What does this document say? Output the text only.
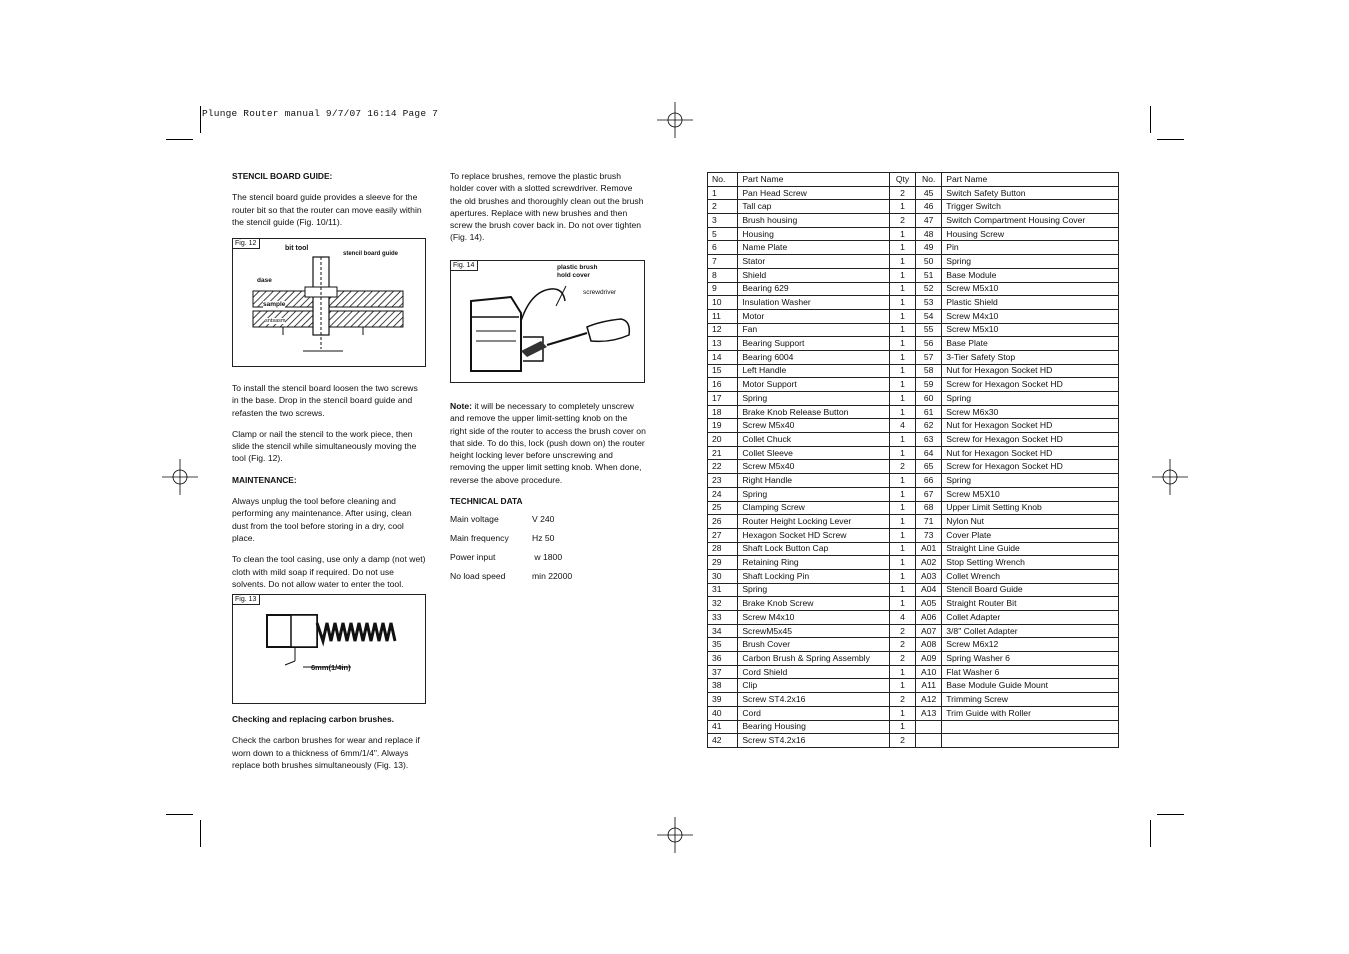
Plunge Router manual 9/7/07 16:14 Page 7
STENCIL BOARD GUIDE:

The stencil board guide provides a sleeve for the router bit so that the router can move easily within the stencil guide (Fig. 10/11).

Fig. 12
bit tool
stencil board guide
dase
sample
sntsasm

To install the stencil board loosen the two screws in the base. Drop in the stencil board guide and refasten the two screws.

Clamp or nail the stencil to the work piece, then slide the stencil while simultaneously moving the tool (Fig. 12).

MAINTENANCE:

Always unplug the tool before cleaning and performing any maintenance. After using, clean dust from the tool before storing in a dry, cool place.

To clean the tool casing, use only a damp (not wet) cloth with mild soap if required. Do not use solvents. Do not allow water to enter the tool.

Fig. 13
6mm(1/4in)
Checking and replacing carbon brushes.

Check the carbon brushes for wear and replace if worn down to a thickness of 6mm/1/4". Always replace both brushes simultaneously (Fig. 13).

To replace brushes, remove the plastic brush holder cover with a slotted screwdriver. Remove the old brushes and thoroughly clean out the brush apertures. Replace with new brushes and then screw the brush cover back in. Do not over tighten (Fig. 14).

Fig. 14	plastic brush
hold cover
screwdriver

Note: it will be necessary to completely unscrew and remove the upper limit-setting knob on the right side of the router to access the brush cover on that side. To do this, lock (push down on) the router height locking lever before unscrewing and removing the upper limit setting knob. When done, reverse the above procedure.

TECHNICAL DATA
Main voltage	V 240
Main frequency	Hz 50
Power input	w 1800
No load speed	min 22000
No.	Part Name	Qty	No.	Part Name
1	Pan Head Screw	2	45	Switch Safety Button
2	Tall cap	1	46	Trigger Switch
3	Brush housing	2	47	Switch Compartment Housing Cover
5	Housing	1	48	Housing Screw
6	Name Plate	1	49	Pin
7	Stator	1	50	Spring
8	Shield	1	51	Base Module
9	Bearing 629	1	52	Screw M5x10
10	Insulation Washer	1	53	Plastic Shield
11	Motor	1	54	Screw M4x10
12	Fan	1	55	Screw M5x10
13	Bearing Support	1	56	Base Plate
14	Bearing 6004	1	57	3-Tier Safety Stop
15	Left Handle	1	58	Nut for Hexagon Socket HD
16	Motor Support	1	59	Screw for Hexagon Socket HD
17	Spring	1	60	Spring
18	Brake Knob Release Button	1	61	Screw M6x30
19	Screw M5x40	4	62	Nut for Hexagon Socket HD
20	Collet Chuck	1	63	Screw for Hexagon Socket HD
21	Collet Sleeve	1	64	Nut for Hexagon Socket HD
22	Screw M5x40	2	65	Screw for Hexagon Socket HD
23	Right Handle	1	66	Spring
24	Spring	1	67	Screw M5X10
25	Clamping Screw	1	68	Upper Limit Setting Knob
26	Router Height Locking Lever	1	71	Nylon Nut
27	Hexagon Socket HD Screw	1	73	Cover Plate
28	Shaft Lock Button Cap	1	A01	Straight Line Guide
29	Retaining Ring	1	A02	Stop Setting Wrench
30	Shaft Locking Pin	1	A03	Collet Wrench
31	Spring	1	A04	Stencil Board Guide
32	Brake Knob Screw	1	A05	Straight Router Bit
33	Screw M4x10	4	A06	Collet Adapter
34	ScrewM5x45	2	A07	3/8" Collet Adapter
35	Brush Cover	2	A08	Screw M6x12
36	Carbon Brush & Spring Assembly	2	A09	Spring Washer 6
37	Cord Shield	1	A10	Flat Washer 6
38	Clip	1	A11	Base Module Guide Mount
39	Screw ST4.2x16	2	A12	Trimming Screw
40	Cord	1	A13	Trim Guide with Roller
41	Bearing Housing	1		
42	Screw ST4.2x16	2		
